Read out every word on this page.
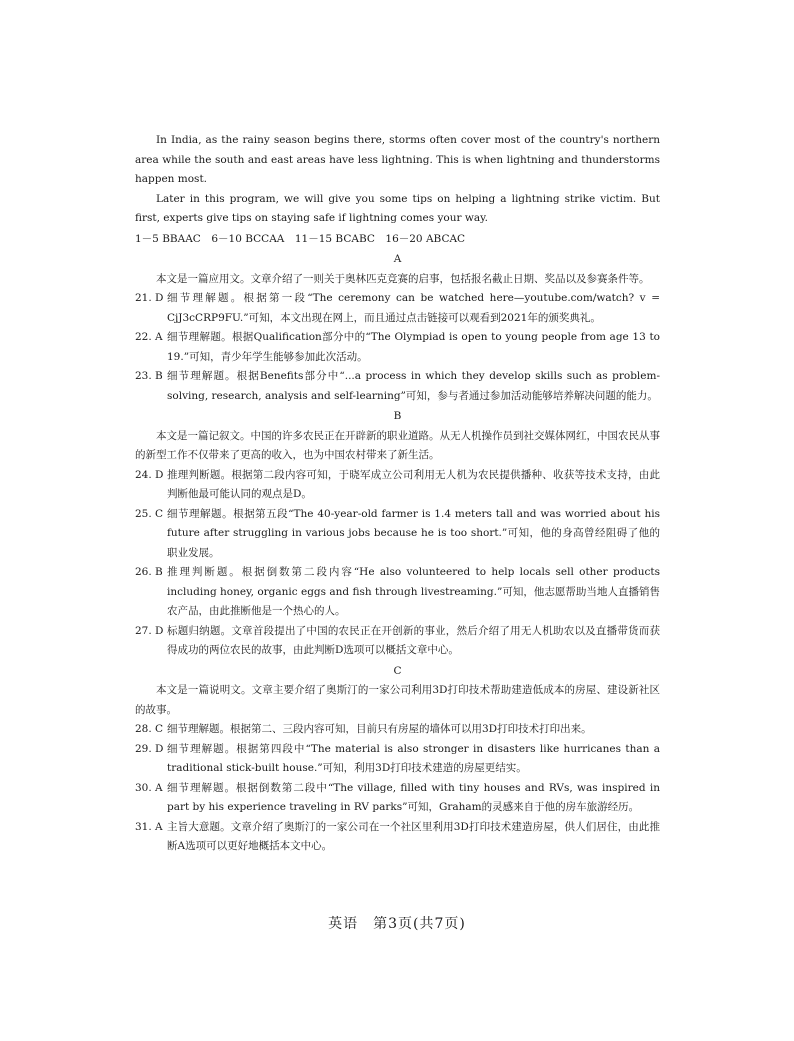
In India, as the rainy season begins there, storms often cover most of the country's northern area while the south and east areas have less lightning. This is when lightning and thunderstorms happen most.

Later in this program, we will give you some tips on helping a lightning strike victim. But first, experts give tips on staying safe if lightning comes your way.

1－5 BBAAC　6－10 BCCAA　11－15 BCABC　16－20 ABCAC

A

本文是一篇应用文。文章介绍了一则关于奥林匹克竞赛的启事，包括报名截止日期、奖品以及参赛条件等。

21. D 细节理解题。根据第一段“The ceremony can be watched here—youtube.com/watch? v = CjJ3cCRP9FU.”可知，本文出现在网上，而且通过点击链接可以观看到2021年的颁奖典礼。
22. A 细节理解题。根据Qualification部分中的“The Olympiad is open to young people from age 13 to 19.”可知，青少年学生能够参加此次活动。
23. B 细节理解题。根据Benefits部分中“...a process in which they develop skills such as problem-solving, research, analysis and self-learning”可知，参与者通过参加活动能够培养解决问题的能力。
B

本文是一篇记叙文。中国的许多农民正在开辟新的职业道路。从无人机操作员到社交媒体网红，中国农民从事的新型工作不仅带来了更高的收入，也为中国农村带来了新生活。

24. D 推理判断题。根据第二段内容可知，于晓军成立公司利用无人机为农民提供播种、收获等技术支持，由此判断他最可能认同的观点是D。
25. C 细节理解题。根据第五段“The 40-year-old farmer is 1.4 meters tall and was worried about his future after struggling in various jobs because he is too short.”可知，他的身高曾经阻碍了他的职业发展。
26. B 推理判断题。根据倒数第二段内容“He also volunteered to help locals sell other products including honey, organic eggs and fish through livestreaming.”可知，他志愿帮助当地人直播销售农产品，由此推断他是一个热心的人。
27. D 标题归纳题。文章首段提出了中国的农民正在开创新的事业，然后介绍了用无人机助农以及直播带货而获得成功的两位农民的故事，由此判断D选项可以概括文章中心。
C

本文是一篇说明文。文章主要介绍了奥斯汀的一家公司利用3D打印技术帮助建造低成本的房屋、建设新社区的故事。

28. C 细节理解题。根据第二、三段内容可知，目前只有房屋的墙体可以用3D打印技术打印出来。
29. D 细节理解题。根据第四段中“The material is also stronger in disasters like hurricanes than a traditional stick-built house.”可知，利用3D打印技术建造的房屋更结实。
30. A 细节理解题。根据倒数第二段中“The village, filled with tiny houses and RVs, was inspired in part by his experience traveling in RV parks”可知，Graham的灵感来自于他的房车旅游经历。
31. A 主旨大意题。文章介绍了奥斯汀的一家公司在一个社区里利用3D打印技术建造房屋，供人们居住，由此推断A选项可以更好地概括本文中心。
英语　第3页(共7页)
